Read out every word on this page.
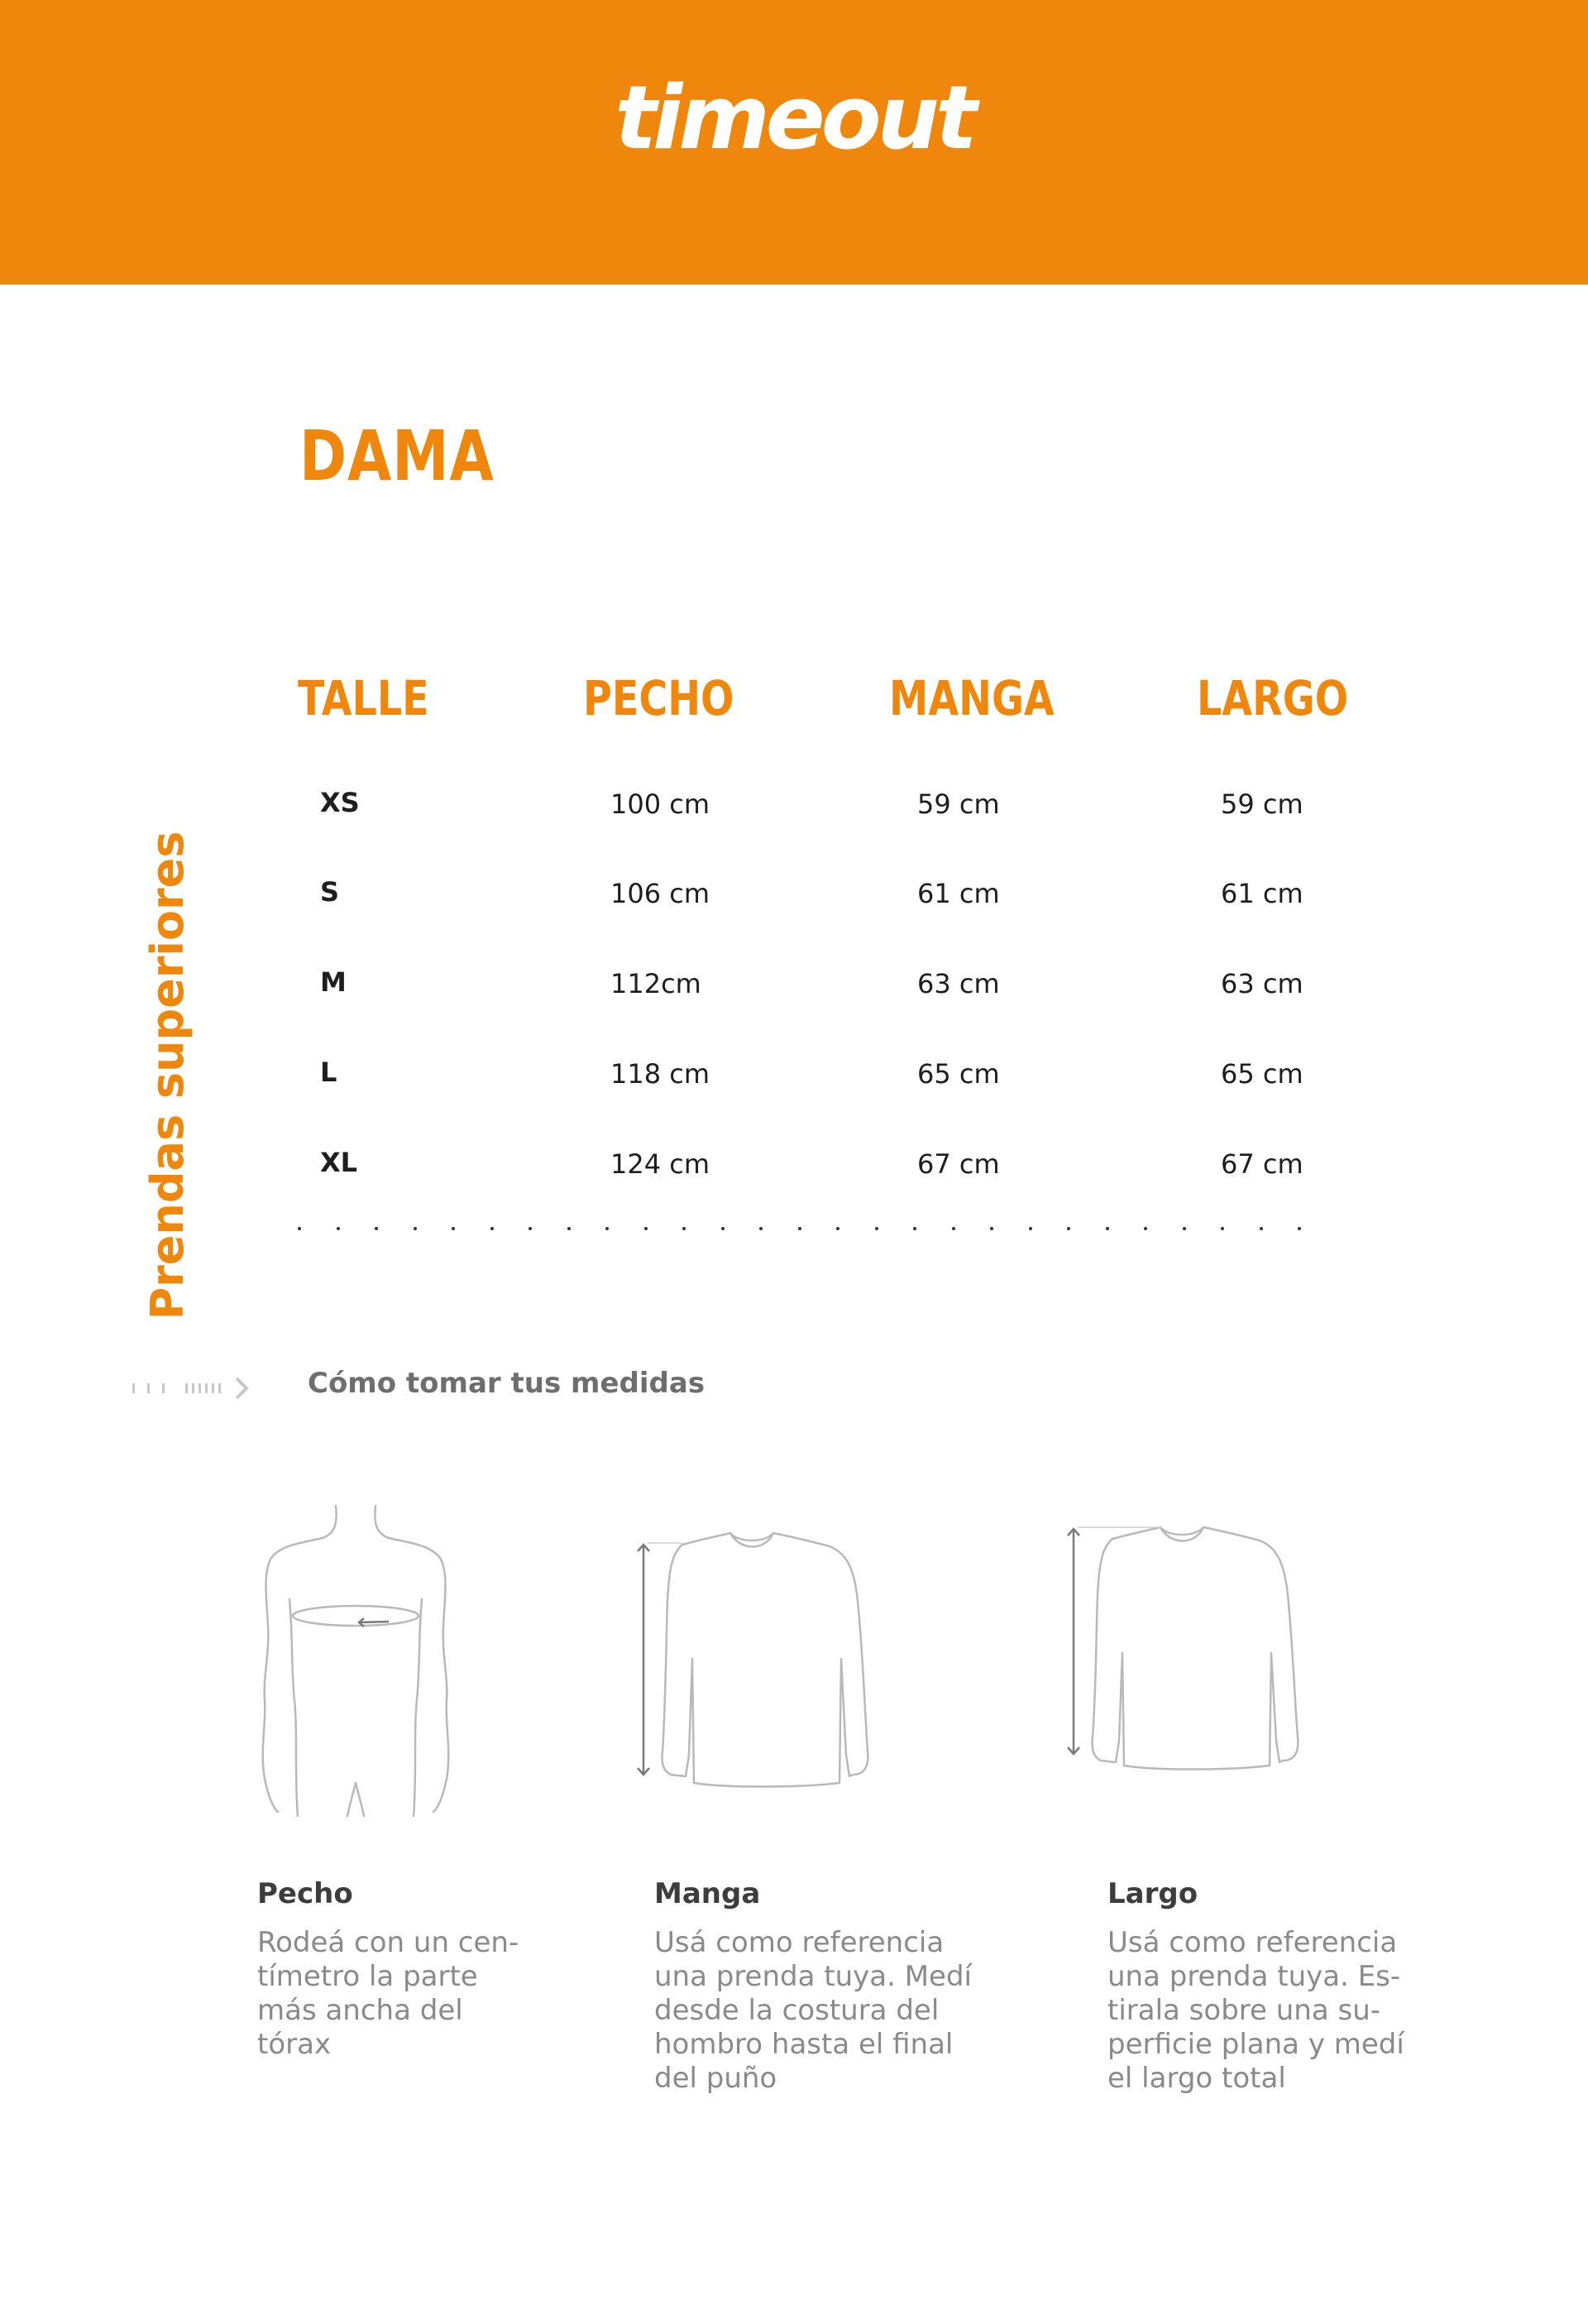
timeout
DAMA
Prendas superiores
TALLE	PECHO	MANGA	LARGO
XS	100 cm	59 cm	59 cm
S	106 cm	61 cm	61 cm
M	112cm	63 cm	63 cm
L	118 cm	65 cm	65 cm
XL	124 cm	67 cm	67 cm
Cómo tomar tus medidas
Pecho
Rodeá con un cen-
tímetro la parte
más ancha del
tórax
Manga
Usá como referencia
una prenda tuya. Medí
desde la costura del
hombro hasta el final
del puño
Largo
Usá como referencia
una prenda tuya. Es-
tirala sobre una su-
perficie plana y medí
el largo total
